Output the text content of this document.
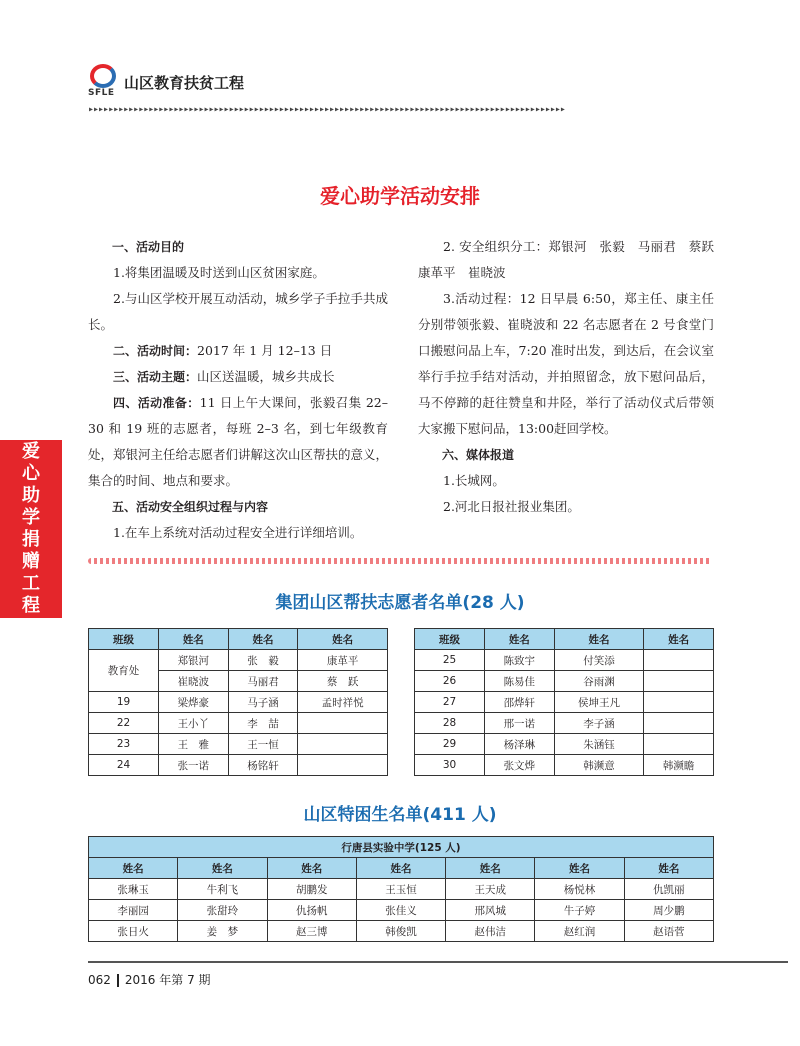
SFLE
山区教育扶贫工程
▸▸▸▸▸▸▸▸▸▸▸▸▸▸▸▸▸▸▸▸▸▸▸▸▸▸▸▸▸▸▸▸▸▸▸▸▸▸▸▸▸▸▸▸▸▸▸▸▸▸▸▸▸▸▸▸▸▸▸▸▸▸▸▸▸▸▸▸▸▸▸▸▸▸▸▸▸▸▸▸▸▸▸▸▸▸▸▸▸▸▸▸▸▸▸
爱心助学活动安排

一、活动目的

1.将集团温暖及时送到山区贫困家庭。

2.与山区学校开展互动活动，城乡学子手拉手共成长。

二、活动时间：2017 年 1 月 12–13 日

三、活动主题：山区送温暖，城乡共成长

四、活动准备：11 日上午大课间，张毅召集 22–30 和 19 班的志愿者，每班 2–3 名，到七年级教育处，郑银河主任给志愿者们讲解这次山区帮扶的意义，集合的时间、地点和要求。

五、活动安全组织过程与内容

1.在车上系统对活动过程安全进行详细培训。

2. 安全组织分工：郑银河　张毅　马丽君　蔡跃　康革平　崔晓波

3.活动过程：12 日早晨 6:50，郑主任、康主任分别带领张毅、崔晓波和 22 名志愿者在 2 号食堂门口搬慰问品上车，7:20 准时出发，到达后，在会议室举行手拉手结对活动，并拍照留念，放下慰问品后，马不停蹄的赶往赞皇和井陉，举行了活动仪式后带领大家搬下慰问品，13:00赶回学校。

六、媒体报道

1.长城网。

2.河北日报社报业集团。

集团山区帮扶志愿者名单(28 人)
班级	姓名	姓名	姓名
教育处	郑银河	张　毅	康革平
	崔晓波	马丽君	蔡　跃
19	梁烨豪	马子涵	孟时祥悦
22	王小丫	李　喆	
23	王　雅	王一恒	
24	张一诺	杨铭轩	
班级	姓名	姓名	姓名
25	陈致宇	付笑添	
26	陈易佳	谷雨渊	
27	邵烨轩	侯坤王凡	
28	邢一诺	李子涵	
29	杨泽琳	朱涵钰	
30	张文烨	韩濒意	韩濒瞻
山区特困生名单(411 人)
行唐县实验中学(125 人)						
姓名	姓名	姓名	姓名	姓名	姓名	姓名
张琳玉	牛利飞	胡鹏发	王玉恒	王天成	杨悦林	仇凯丽
李丽园	张甜玲	仇扬帆	张佳义	邢风城	牛子婷	周少鹏
张日火	姜　梦	赵三博	韩俊凯	赵伟洁	赵红润	赵语菅
爱
心
助
学
捐
赠
工
程
062 2016 年第 7 期
